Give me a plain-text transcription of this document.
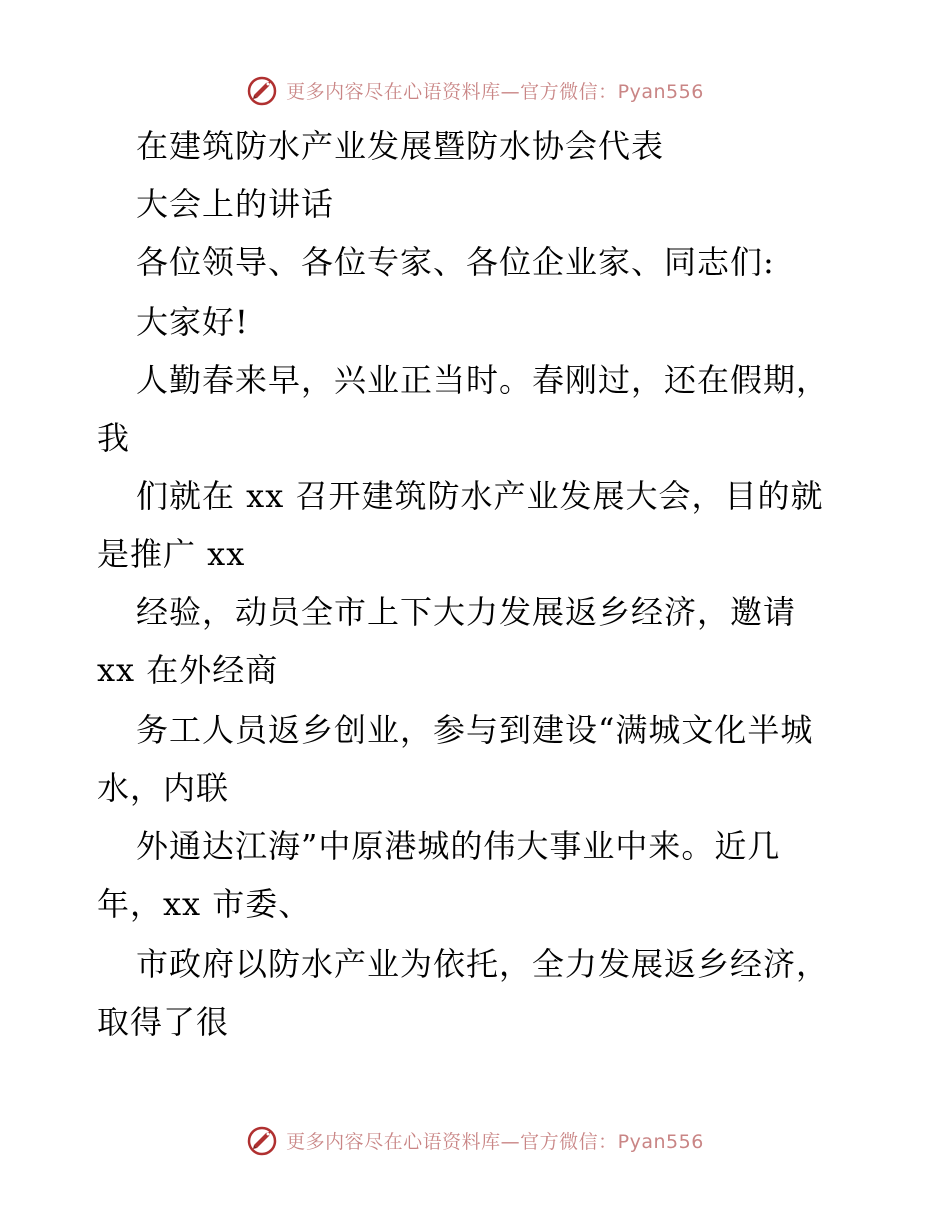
更多内容尽在心语资料库—官方微信：Pyan556
在建筑防水产业发展暨防水协会代表
大会上的讲话
各位领导、各位专家、各位企业家、同志们:
大家好!
人勤春来早，兴业正当时。春刚过，还在假期，
我
们就在 xx 召开建筑防水产业发展大会，目的就
是推广 xx
经验，动员全市上下大力发展返乡经济，邀请
xx 在外经商
务工人员返乡创业，参与到建设“满城文化半城
水，内联
外通达江海”中原港城的伟大事业中来。近几
年，xx 市委、
市政府以防水产业为依托，全力发展返乡经济，
取得了很
更多内容尽在心语资料库—官方微信：Pyan556
